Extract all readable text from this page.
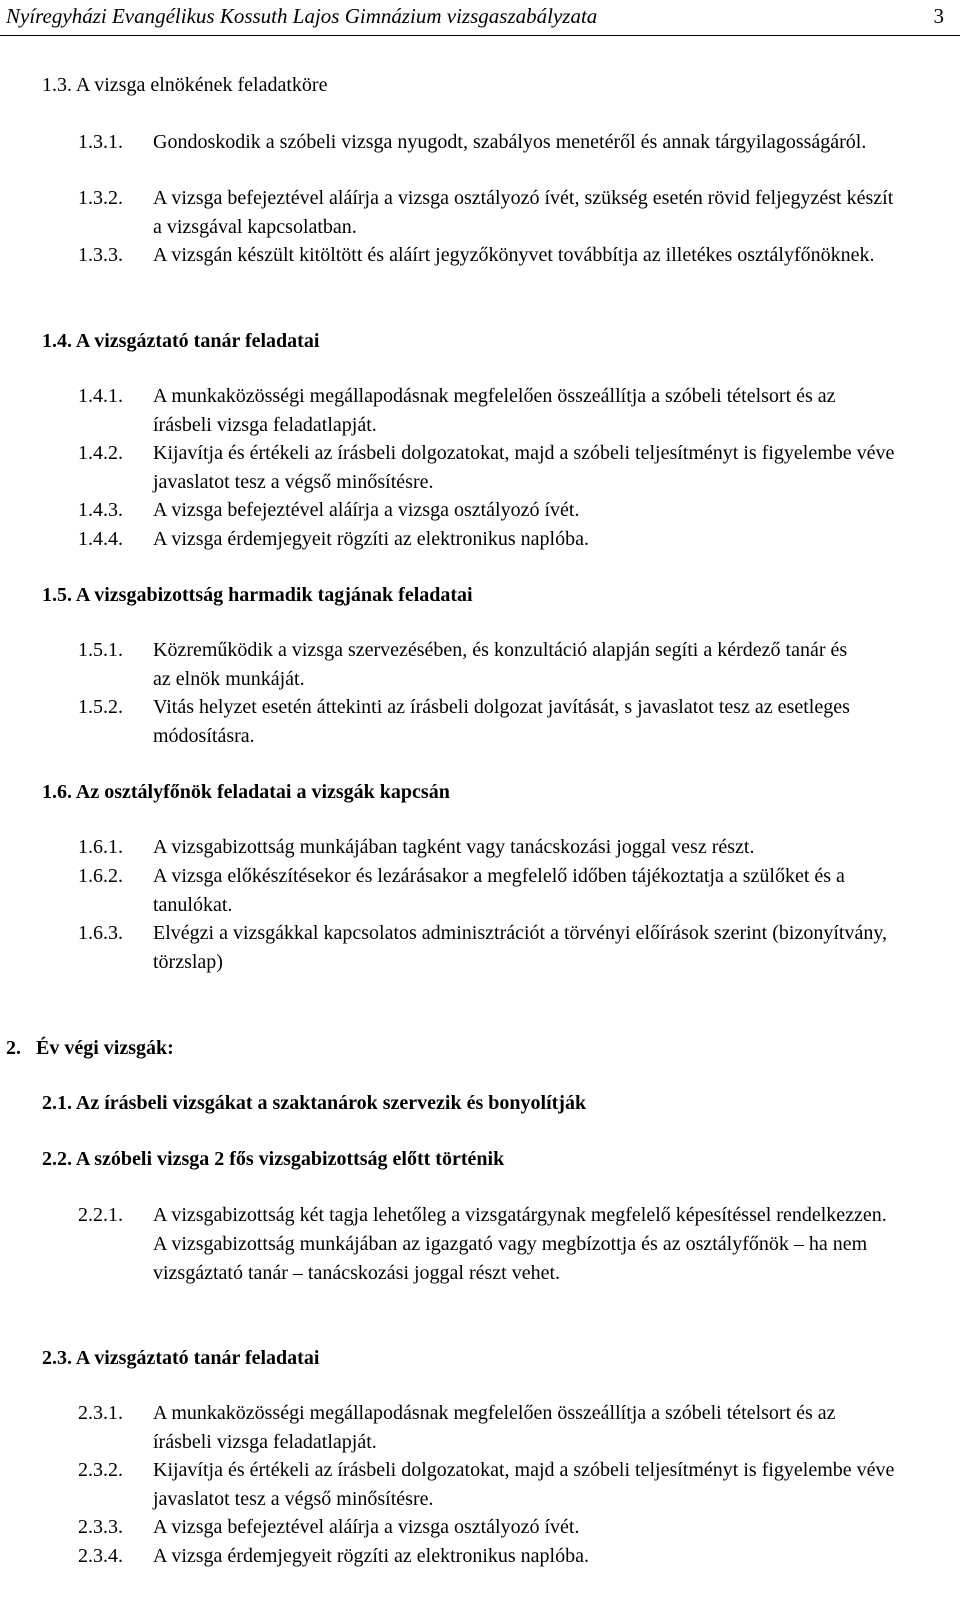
Nyíregyházi Evangélikus Kossuth Lajos Gimnázium vizsgaszabályzata	3
1.3. A vizsga elnökének feladatköre
1.3.1. Gondoskodik a szóbeli vizsga nyugodt, szabályos menetéről és annak tárgyilagosságáról.
1.3.2. A vizsga befejeztével aláírja a vizsga osztályozó ívét, szükség esetén rövid feljegyzést készít a vizsgával kapcsolatban.
1.3.3. A vizsgán készült kitöltött és aláírt jegyzőkönyvet továbbítja az illetékes osztályfőnöknek.
1.4. A vizsgáztató tanár feladatai
1.4.1. A munkaközösségi megállapodásnak megfelelően összeállítja a szóbeli tételsort és az írásbeli vizsga feladatlapját.
1.4.2. Kijavítja és értékeli az írásbeli dolgozatokat, majd a szóbeli teljesítményt is figyelembe véve javaslatot tesz a végső minősítésre.
1.4.3. A vizsga befejeztével aláírja a vizsga osztályozó ívét.
1.4.4. A vizsga érdemjegyeit rögzíti az elektronikus naplóba.
1.5. A vizsgabizottság harmadik tagjának feladatai
1.5.1. Közreműködik a vizsga szervezésében, és konzultáció alapján segíti a kérdező tanár és az elnök munkáját.
1.5.2. Vitás helyzet esetén áttekinti az írásbeli dolgozat javítását, s javaslatot tesz az esetleges módosításra.
1.6. Az osztályfőnök feladatai a vizsgák kapcsán
1.6.1. A vizsgabizottság munkájában tagként vagy tanácskozási joggal vesz részt.
1.6.2. A vizsga előkészítésekor és lezárásakor a megfelelő időben tájékoztatja a szülőket és a tanulókat.
1.6.3. Elvégzi a vizsgákkal kapcsolatos adminisztrációt a törvényi előírások szerint (bizonyítvány, törzslap)
2. Év végi vizsgák:
2.1. Az írásbeli vizsgákat a szaktanárok szervezik és bonyolítják
2.2. A szóbeli vizsga 2 fős vizsgabizottság előtt történik
2.2.1. A vizsgabizottság két tagja lehetőleg a vizsgatárgynak megfelelő képesítéssel rendelkezzen.
A vizsgabizottság munkájában az igazgató vagy megbízottja és az osztályfőnök – ha nem vizsgáztató tanár – tanácskozási joggal részt vehet.
2.3. A vizsgáztató tanár feladatai
2.3.1. A munkaközösségi megállapodásnak megfelelően összeállítja a szóbeli tételsort és az írásbeli vizsga feladatlapját.
2.3.2. Kijavítja és értékeli az írásbeli dolgozatokat, majd a szóbeli teljesítményt is figyelembe véve javaslatot tesz a végső minősítésre.
2.3.3. A vizsga befejeztével aláírja a vizsga osztályozó ívét.
2.3.4. A vizsga érdemjegyeit rögzíti az elektronikus naplóba.
